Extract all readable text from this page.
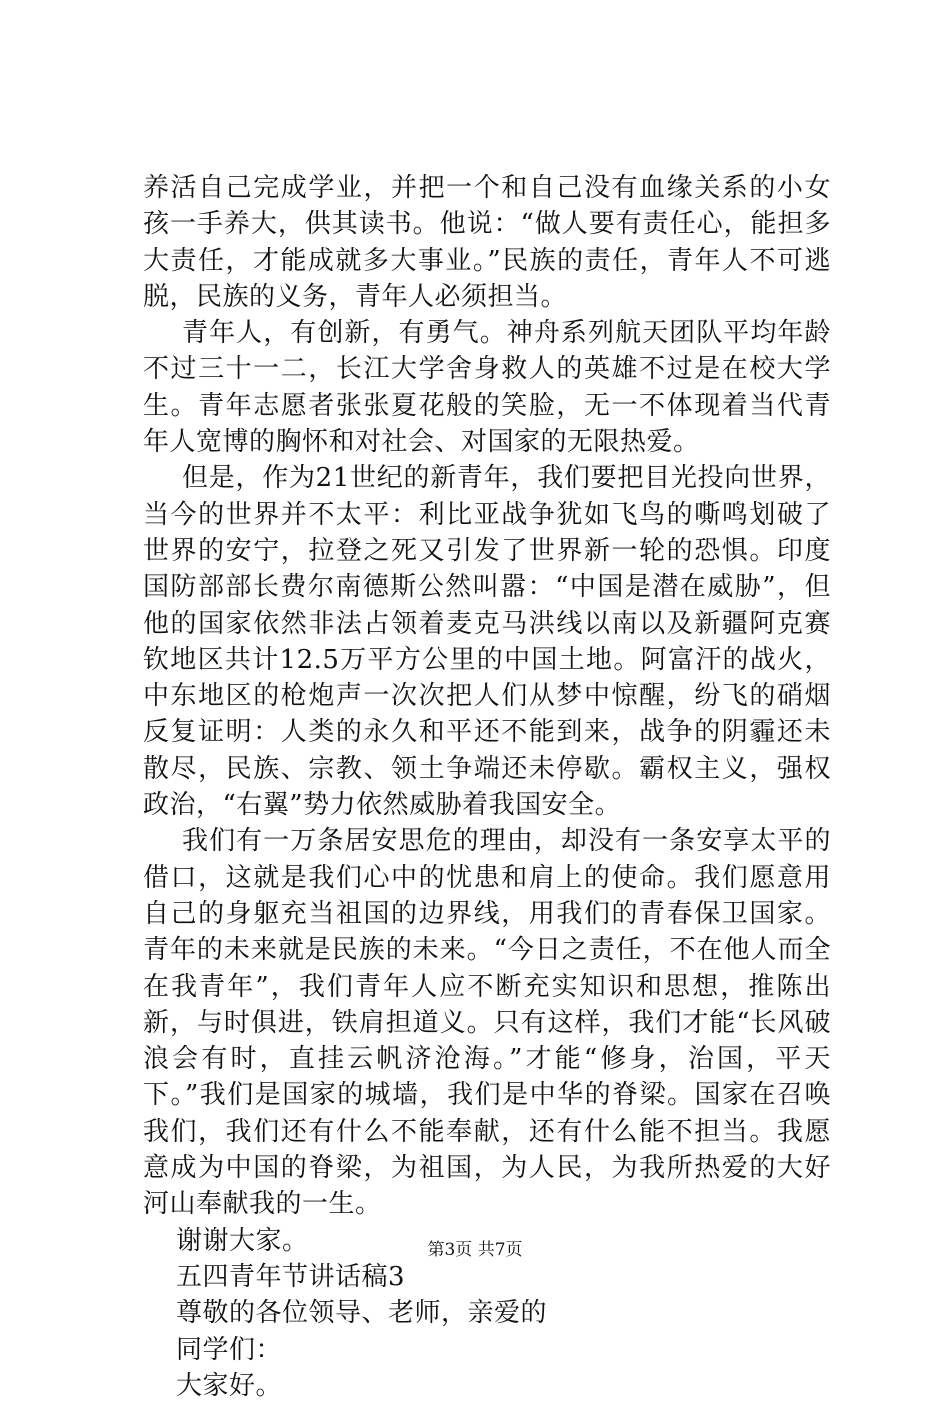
养活自己完成学业，并把一个和自己没有血缘关系的小女孩一手养大，供其读书。他说：“做人要有责任心，能担多大责任，才能成就多大事业。”民族的责任，青年人不可逃脱，民族的义务，青年人必须担当。

青年人，有创新，有勇气。神舟系列航天团队平均年龄不过三十一二，长江大学舍身救人的英雄不过是在校大学生。青年志愿者张张夏花般的笑脸，无一不体现着当代青年人宽博的胸怀和对社会、对国家的无限热爱。

但是，作为21世纪的新青年，我们要把目光投向世界，当今的世界并不太平：利比亚战争犹如飞鸟的嘶鸣划破了世界的安宁，拉登之死又引发了世界新一轮的恐惧。印度国防部部长费尔南德斯公然叫嚣：“中国是潜在威胁”，但他的国家依然非法占领着麦克马洪线以南以及新疆阿克赛钦地区共计12.5万平方公里的中国土地。阿富汗的战火，中东地区的枪炮声一次次把人们从梦中惊醒，纷飞的硝烟反复证明：人类的永久和平还不能到来，战争的阴霾还未散尽，民族、宗教、领土争端还未停歇。霸权主义，强权政治，“右翼”势力依然威胁着我国安全。

我们有一万条居安思危的理由，却没有一条安享太平的借口，这就是我们心中的忧患和肩上的使命。我们愿意用自己的身躯充当祖国的边界线，用我们的青春保卫国家。青年的未来就是民族的未来。“今日之责任，不在他人而全在我青年”，我们青年人应不断充实知识和思想，推陈出新，与时俱进，铁肩担道义。只有这样，我们才能“长风破浪会有时，直挂云帆济沧海。”才能“修身，治国，平天下。”我们是国家的城墙，我们是中华的脊梁。国家在召唤我们，我们还有什么不能奉献，还有什么能不担当。我愿意成为中国的脊梁，为祖国，为人民，为我所热爱的大好河山奉献我的一生。

谢谢大家。

五四青年节讲话稿3

尊敬的各位领导、老师，亲爱的

同学们：

大家好。

第3页 共7页
